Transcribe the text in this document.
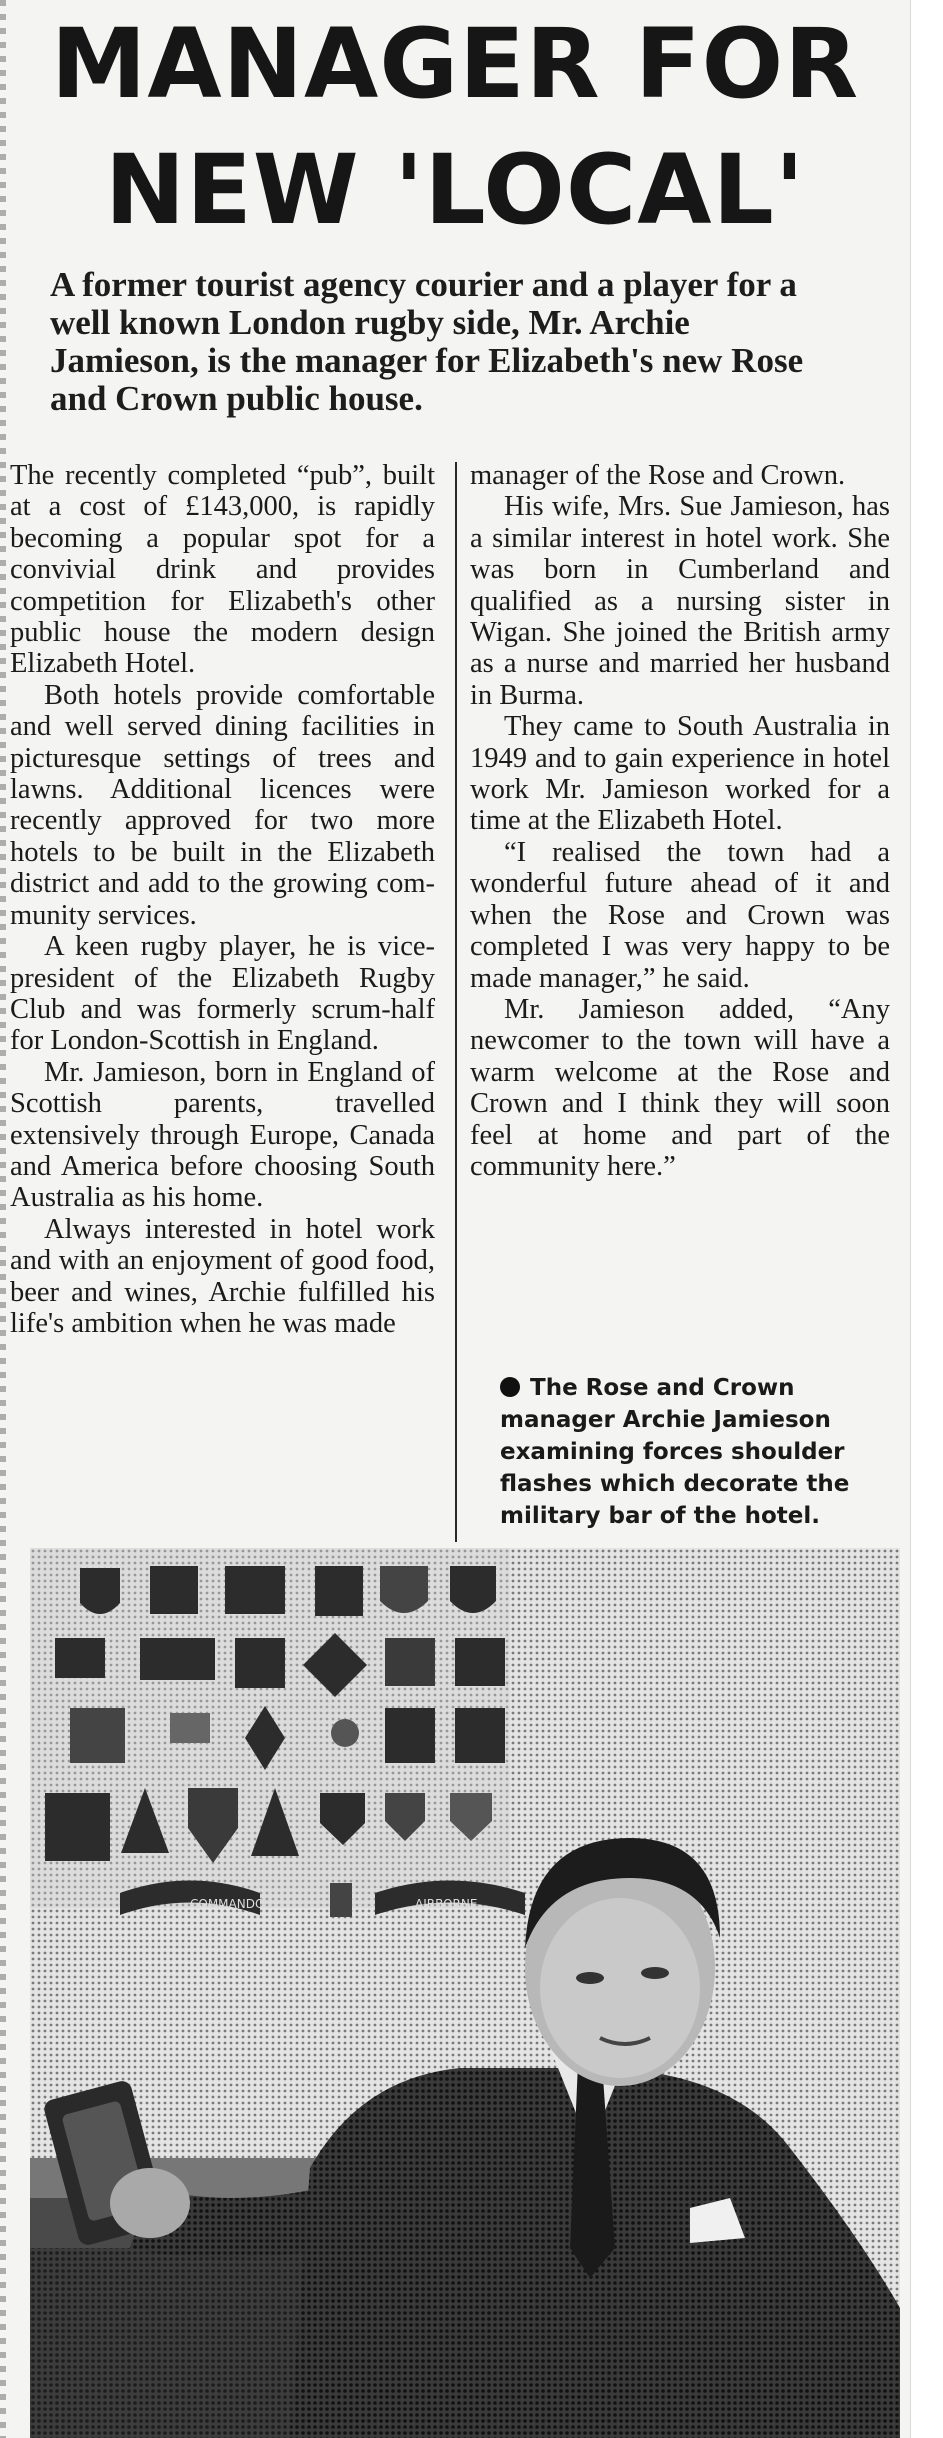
MANAGER FOR
NEW 'LOCAL'

A former tourist agency courier and a player for a well known London rugby side, Mr. Archie Jamieson, is the manager for Elizabeth's new Rose and Crown public house.

The recently completed “pub”, built at a cost of £143,000, is rapidly becoming a popular spot for a convivial drink and provides competition for Elizabeth's other public house the modern design Elizabeth Hotel.

Both hotels provide comfortable and well served dining facilities in picturesque settings of trees and lawns. Additional licences were recently approved for two more hotels to be built in the Elizabeth district and add to the growing community services.

A keen rugby player, he is vice-president of the Elizabeth Rugby Club and was formerly scrum-half for London-Scottish in England.

Mr. Jamieson, born in England of Scottish parents, travelled extensively through Europe, Canada and America before choosing South Australia as his home.

Always interested in hotel work and with an enjoyment of good food, beer and wines, Archie fulfilled his life's ambition when he was made

manager of the Rose and Crown.

His wife, Mrs. Sue Jamieson, has a similar interest in hotel work. She was born in Cumberland and qualified as a nursing sister in Wigan. She joined the British army as a nurse and married her husband in Burma.

They came to South Australia in 1949 and to gain experience in hotel work Mr. Jamieson worked for a time at the Elizabeth Hotel.

“I realised the town had a wonderful future ahead of it and when the Rose and Crown was completed I was very happy to be made manager,” he said.

Mr. Jamieson added, “Any newcomer to the town will have a warm welcome at the Rose and Crown and I think they will soon feel at home and part of the community here.”

The Rose and Crown manager Archie Jamieson examining forces shoulder flashes which decorate the military bar of the hotel.

COMMANDO	AIRBORNE
